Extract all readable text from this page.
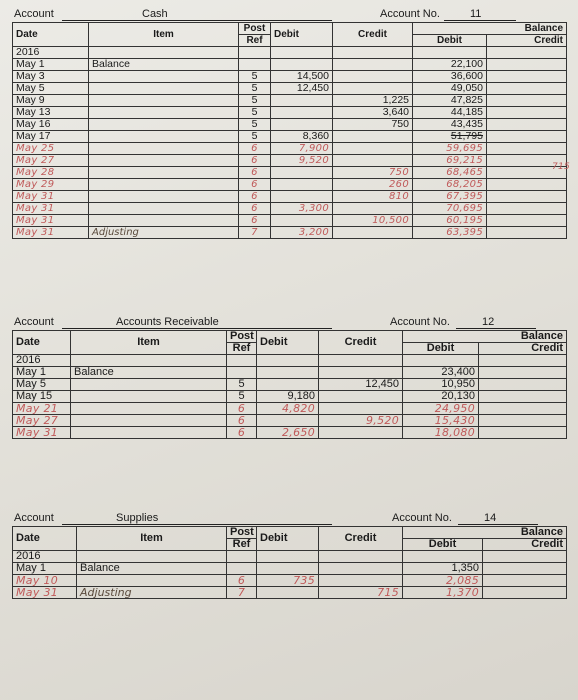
Account	Cash	Account No.	11
Date	Item	Post	Debit	Credit	Balance	
		Ref			Debit	Credit
2016						
May 1	Balance				22,100	
May 3		5	14,500		36,600	
May 5		5	12,450		49,050	
May 9		5		1,225	47,825	
May 13		5		3,640	44,185	
May 16		5		750	43,435	
May 17		5	8,360		51,795	
May 25		6	7,900		59,695	
May 27		6	9,520		69,215	
May 28		6		750	68,465	
May 29		6		260	68,205	
May 31		6		810	67,395	
May 31		6	3,300		70,695	
May 31		6		10,500	60,195	
May 31	Adjusting	7	3,200		63,395	
Account	Accounts Receivable	Account No.	12
Date	Item	Post	Debit	Credit	Balance	
		Ref			Debit	Credit
2016						
May 1	Balance				23,400	
May 5		5		12,450	10,950	
May 15		5	9,180		20,130	
May 21		6	4,820		24,950	
May 27		6		9,520	15,430	
May 31		6	2,650		18,080	
Account	Supplies	Account No.	14
Date	Item	Post	Debit	Credit	Balance	
		Ref			Debit	Credit
2016						
May 1	Balance				1,350	
May 10		6	735		2,085	
May 31	Adjusting	7		715	1,370	
715
